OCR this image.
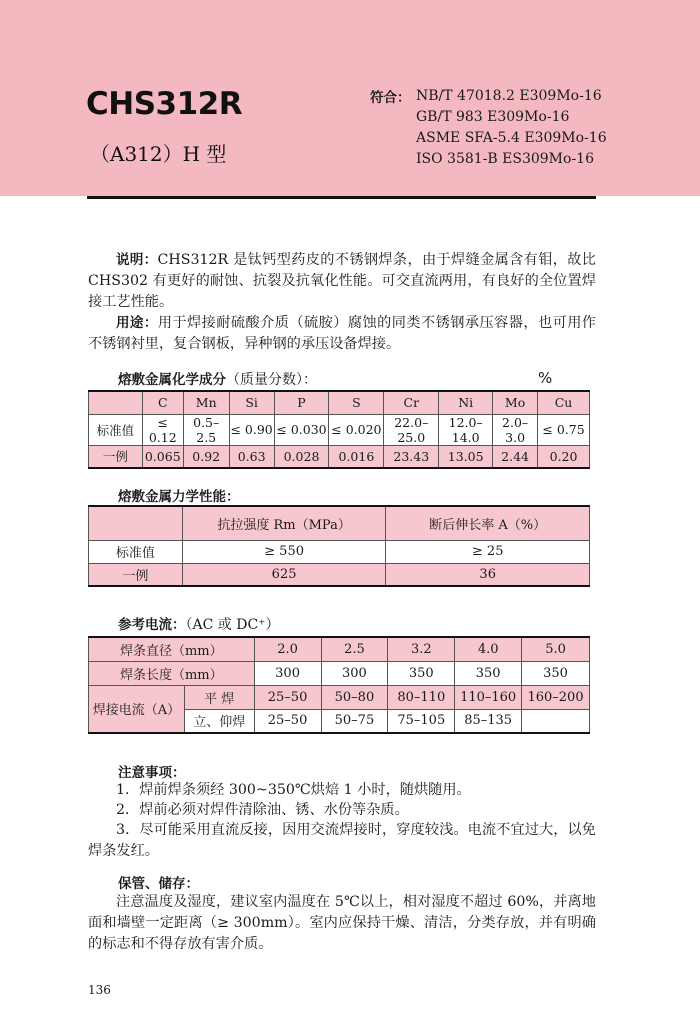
CHS312R
（A312）H 型
符合： NB/T 47018.2 E309Mo-16
GB/T 983 E309Mo-16
ASME SFA-5.4 E309Mo-16
ISO 3581-B ES309Mo-16
说明：CHS312R 是钛钙型药皮的不锈钢焊条，由于焊缝金属含有钼，故比 CHS302 有更好的耐蚀、抗裂及抗氧化性能。可交直流两用，有良好的全位置焊接工艺性能。
用途：用于焊接耐硫酸介质（硫胺）腐蚀的同类不锈钢承压容器，也可用作不锈钢衬里，复合钢板，异种钢的承压设备焊接。
熔敷金属化学成分（质量分数）：	%
	C	Mn	Si	P	S	Cr	Ni	Mo	Cu
标准值	≤ 0.12	0.5–2.5	≤ 0.90	≤ 0.030	≤ 0.020	22.0–25.0	12.0–14.0	2.0–3.0	≤ 0.75
一例	0.065	0.92	0.63	0.028	0.016	23.43	13.05	2.44	0.20
熔敷金属力学性能：
	抗拉强度 Rm（MPa）	断后伸长率 A（%）
标准值	≥ 550	≥ 25
一例	625	36
参考电流：（AC 或 DC⁺）
焊条直径（mm）		2.0	2.5	3.2	4.0	5.0
焊条长度（mm）		300	300	350	350	350
焊接电流（A）	平 焊	25–50	50–80	80–110	110–160	160–200
	立、仰焊	25–50	50–75	75–105	85–135	
注意事项：
1．焊前焊条须经 300~350℃烘焙 1 小时，随烘随用。
2．焊前必须对焊件清除油、锈、水份等杂质。
3．尽可能采用直流反接，因用交流焊接时，穿度较浅。电流不宜过大，以免焊条发红。
保管、储存：
注意温度及湿度，建议室内温度在 5℃以上，相对湿度不超过 60%，并离地面和墙壁一定距离（≥ 300mm）。室内应保持干燥、清洁，分类存放，并有明确的标志和不得存放有害介质。
136
